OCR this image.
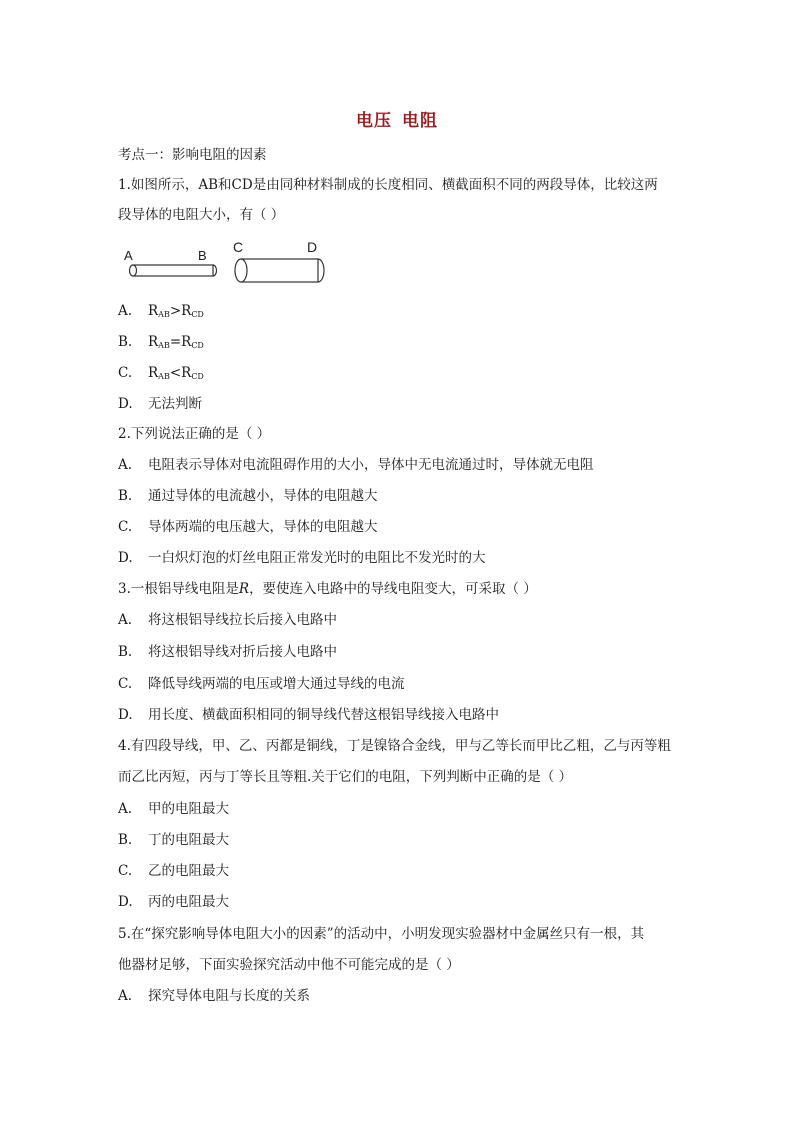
电压 电阻
考点一：影响电阻的因素
1.如图所示，AB和CD是由同种材料制成的长度相同、横截面积不同的两段导体，比较这两
段导体的电阻大小，有（ ）
A	B
C	D
A. $R_{AB}>R_{CD}$
B. $R_{AB}=R_{CD}$
C. $R_{AB}<R_{CD}$
D. 无法判断
2.下列说法正确的是（ ）
A. 电阻表示导体对电流阻碍作用的大小，导体中无电流通过时，导体就无电阻
B. 通过导体的电流越小，导体的电阻越大
C. 导体两端的电压越大，导体的电阻越大
D. 一白炽灯泡的灯丝电阻正常发光时的电阻比不发光时的大
3.一根铝导线电阻是R，要使连入电路中的导线电阻变大，可采取（ ）
A. 将这根铝导线拉长后接入电路中
B. 将这根铝导线对折后接人电路中
C. 降低导线两端的电压或增大通过导线的电流
D. 用长度、横截面积相同的铜导线代替这根铝导线接入电路中
4.有四段导线，甲、乙、丙都是铜线，丁是镍铬合金线，甲与乙等长而甲比乙粗，乙与丙等粗
而乙比丙短，丙与丁等长且等粗.关于它们的电阻，下列判断中正确的是（ ）
A. 甲的电阻最大
B. 丁的电阻最大
C. 乙的电阻最大
D. 丙的电阻最大
5.在“探究影响导体电阻大小的因素”的活动中，小明发现实验器材中金属丝只有一根，其
他器材足够，下面实验探究活动中他不可能完成的是（ ）
A. 探究导体电阻与长度的关系
